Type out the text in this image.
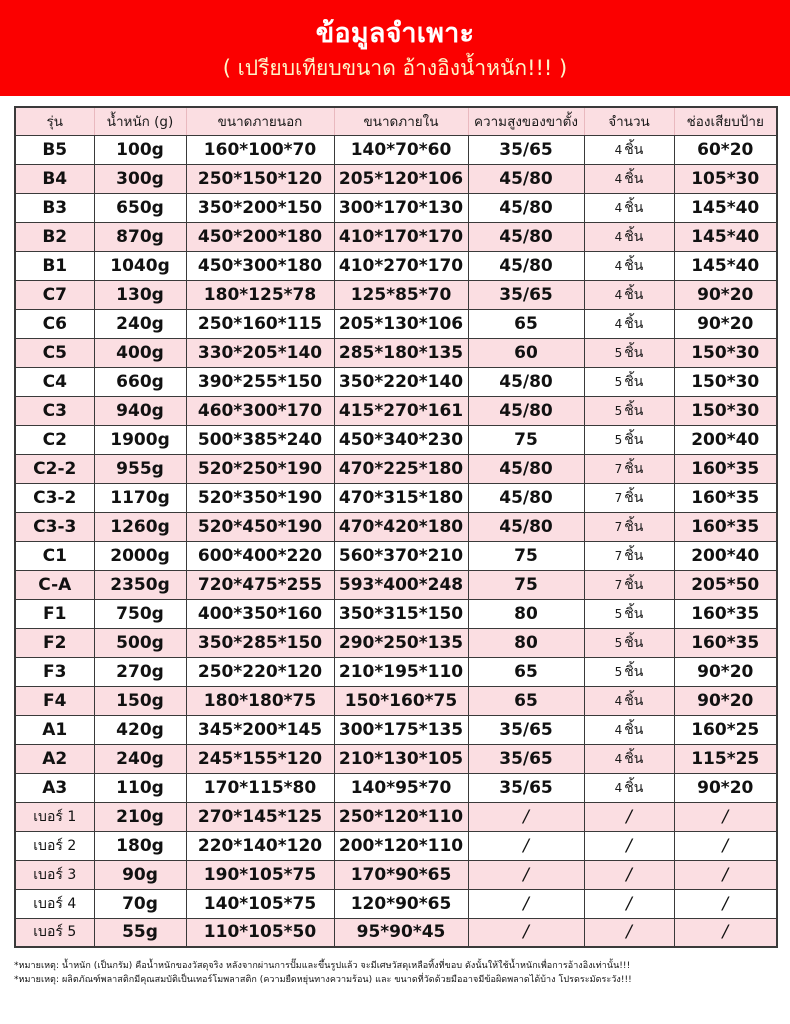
ข้อมูลจำเพาะ
( เปรียบเทียบขนาด อ้างอิงน้ำหนัก!!! )
รุ่น	น้ำหนัก (g)	ขนาดภายนอก	ขนาดภายใน	ความสูงของขาตั้ง	จำนวน	ช่องเสียบป้าย
B5	100g	160*100*70	140*70*60	35/65	4 ชิ้น	60*20
B4	300g	250*150*120	205*120*106	45/80	4 ชิ้น	105*30
B3	650g	350*200*150	300*170*130	45/80	4 ชิ้น	145*40
B2	870g	450*200*180	410*170*170	45/80	4 ชิ้น	145*40
B1	1040g	450*300*180	410*270*170	45/80	4 ชิ้น	145*40
C7	130g	180*125*78	125*85*70	35/65	4 ชิ้น	90*20
C6	240g	250*160*115	205*130*106	65	4 ชิ้น	90*20
C5	400g	330*205*140	285*180*135	60	5 ชิ้น	150*30
C4	660g	390*255*150	350*220*140	45/80	5 ชิ้น	150*30
C3	940g	460*300*170	415*270*161	45/80	5 ชิ้น	150*30
C2	1900g	500*385*240	450*340*230	75	5 ชิ้น	200*40
C2-2	955g	520*250*190	470*225*180	45/80	7 ชิ้น	160*35
C3-2	1170g	520*350*190	470*315*180	45/80	7 ชิ้น	160*35
C3-3	1260g	520*450*190	470*420*180	45/80	7 ชิ้น	160*35
C1	2000g	600*400*220	560*370*210	75	7 ชิ้น	200*40
C-A	2350g	720*475*255	593*400*248	75	7 ชิ้น	205*50
F1	750g	400*350*160	350*315*150	80	5 ชิ้น	160*35
F2	500g	350*285*150	290*250*135	80	5 ชิ้น	160*35
F3	270g	250*220*120	210*195*110	65	5 ชิ้น	90*20
F4	150g	180*180*75	150*160*75	65	4 ชิ้น	90*20
A1	420g	345*200*145	300*175*135	35/65	4 ชิ้น	160*25
A2	240g	245*155*120	210*130*105	35/65	4 ชิ้น	115*25
A3	110g	170*115*80	140*95*70	35/65	4 ชิ้น	90*20
เบอร์ 1	210g	270*145*125	250*120*110	/	/	/
เบอร์ 2	180g	220*140*120	200*120*110	/	/	/
เบอร์ 3	90g	190*105*75	170*90*65	/	/	/
เบอร์ 4	70g	140*105*75	120*90*65	/	/	/
เบอร์ 5	55g	110*105*50	95*90*45	/	/	/
*หมายเหตุ: น้ำหนัก (เป็นกรัม) คือน้ำหนักของวัสดุจริง หลังจากผ่านการปั๊มและขึ้นรูปแล้ว จะมีเศษวัสดุเหลือทิ้งที่ขอบ ดังนั้นให้ใช้น้ำหนักเพื่อการอ้างอิงเท่านั้น!!!
*หมายเหตุ: ผลิตภัณฑ์พลาสติกมีคุณสมบัติเป็นเทอร์โมพลาสติก (ความยืดหยุ่นทางความร้อน) และ ขนาดที่วัดด้วยมืออาจมีข้อผิดพลาดได้บ้าง โปรดระมัดระวัง!!!
